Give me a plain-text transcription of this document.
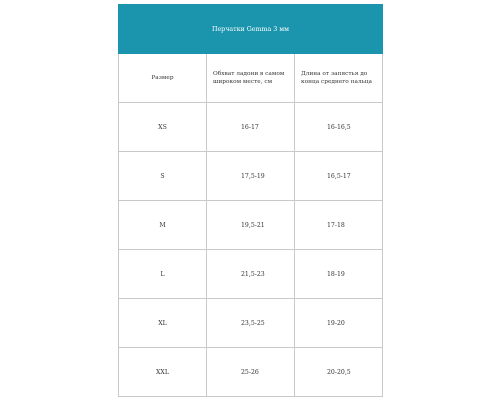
Перчатки Gemma 3 мм		
Размер	Обхват ладони в самом широком месте, см	Длина от запястья до конца среднего пальца
XS	16-17	16-16,5
S	17,5-19	16,5-17
M	19,5-21	17-18
L	21,5-23	18-19
XL	23,5-25	19-20
XXL	25-26	20-20,5
